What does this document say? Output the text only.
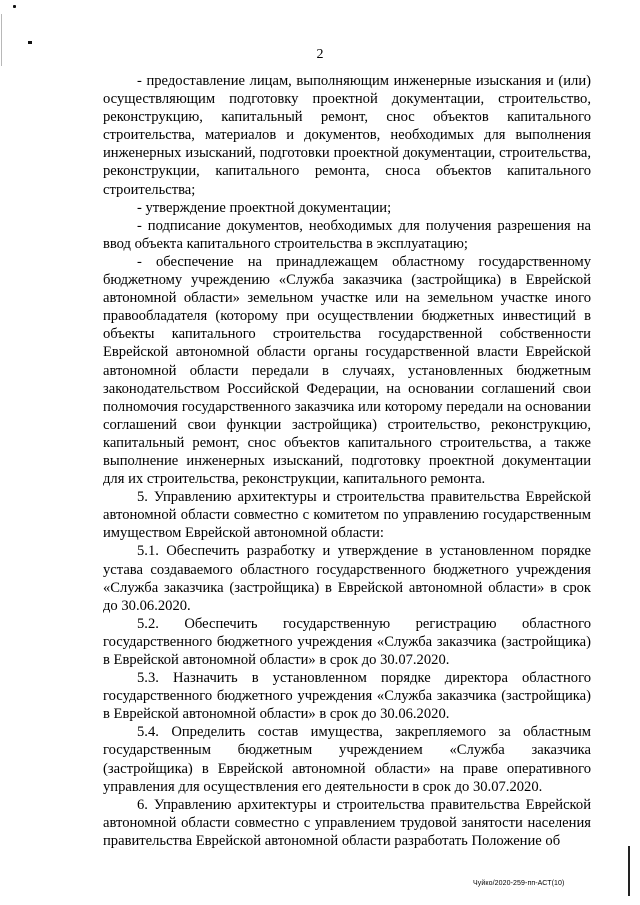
2

- предоставление лицам, выполняющим инженерные изыскания и (или) осуществляющим подготовку проектной документации, строительство, реконструкцию, капитальный ремонт, снос объектов капитального строительства, материалов и документов, необходимых для выполнения инженерных изысканий, подготовки проектной документации, строительства, реконструкции, капитального ремонта, сноса объектов капитального строительства;

- утверждение проектной документации;

- подписание документов, необходимых для получения разрешения на ввод объекта капитального строительства в эксплуатацию;

- обеспечение на принадлежащем областному государственному бюджетному учреждению «Служба заказчика (застройщика) в Еврейской автономной области» земельном участке или на земельном участке иного правообладателя (которому при осуществлении бюджетных инвестиций в объекты капитального строительства государственной собственности Еврейской автономной области органы государственной власти Еврейской автономной области передали в случаях, установленных бюджетным законодательством Российской Федерации, на основании соглашений свои полномочия государственного заказчика или которому передали на основании соглашений свои функции застройщика) строительство, реконструкцию, капитальный ремонт, снос объектов капитального строительства, а также выполнение инженерных изысканий, подготовку проектной документации для их строительства, реконструкции, капитального ремонта.

5. Управлению архитектуры и строительства правительства Еврейской автономной области совместно с комитетом по управлению государственным имуществом Еврейской автономной области:

5.1. Обеспечить разработку и утверждение в установленном порядке устава создаваемого областного государственного бюджетного учреждения «Служба заказчика (застройщика) в Еврейской автономной области» в срок до 30.06.2020.

5.2. Обеспечить государственную регистрацию областного государственного бюджетного учреждения «Служба заказчика (застройщика) в Еврейской автономной области» в срок до 30.07.2020.

5.3. Назначить в установленном порядке директора областного государственного бюджетного учреждения «Служба заказчика (застройщика) в Еврейской автономной области» в срок до 30.06.2020.

5.4. Определить состав имущества, закрепляемого за областным государственным бюджетным учреждением «Служба заказчика (застройщика) в Еврейской автономной области» на праве оперативного управления для осуществления его деятельности в срок до 30.07.2020.

6. Управлению архитектуры и строительства правительства Еврейской автономной области совместно с управлением трудовой занятости населения правительства Еврейской автономной области разработать Положение об

Чуйко/2020-259-пп-АСТ(10)
